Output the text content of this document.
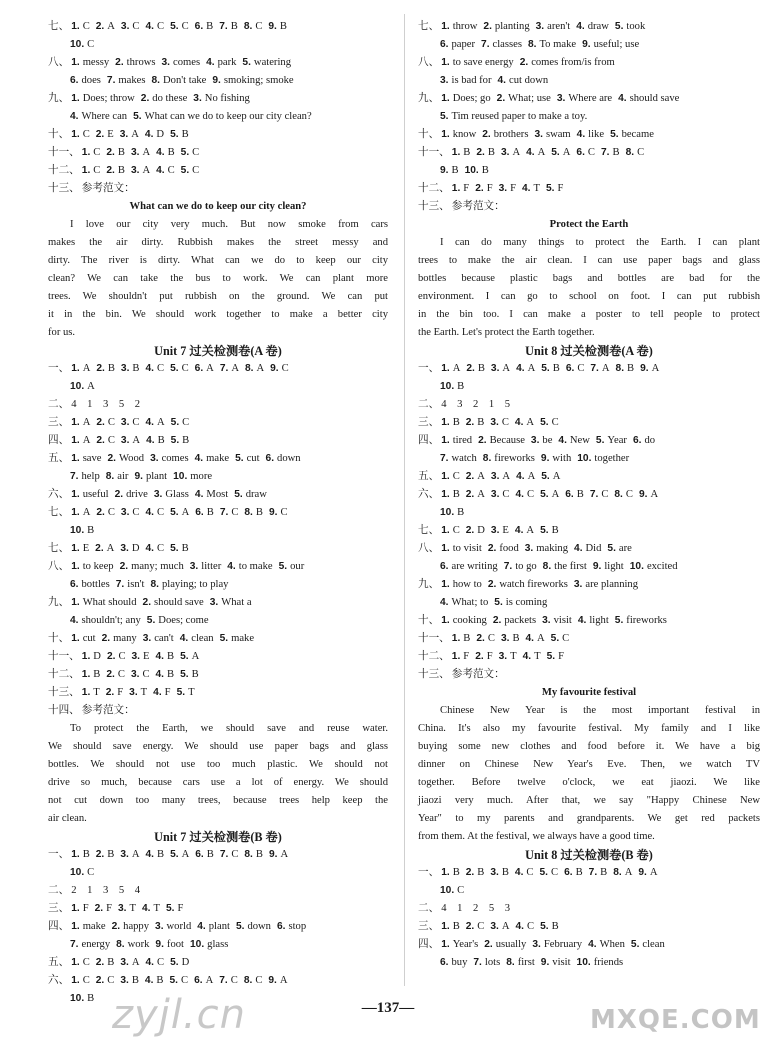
七、 1. C 2. A 3. C 4. C 5. C 6. B 7. B 8. C 9. B
10. C
八、 1. messy 2. throws 3. comes 4. park 5. watering
6. does 7. makes 8. Don't take 9. smoking; smoke
九、 1. Does; throw 2. do these 3. No fishing
4. Where can 5. What can we do to keep our city clean?
十、 1. C 2. E 3. A 4. D 5. B
十一、 1. C 2. B 3. A 4. B 5. C
十二、 1. C 2. B 3. A 4. C 5. C
十三、 参考范文：
What can we do to keep our city clean?
I love our city very much. But now smoke from cars
makes the air dirty. Rubbish makes the street messy and
dirty. The river is dirty. What can we do to keep our city
clean? We can take the bus to work. We can plant more
trees. We shouldn't put rubbish on the ground. We can put
it in the bin. We should work together to make a better city
for us.
Unit 7 过关检测卷(A 卷)
一、 1. A 2. B 3. B 4. C 5. C 6. A 7. A 8. A 9. C
10. A
二、 4　1　3　5　2
三、 1. A 2. C 3. C 4. A 5. C
四、 1. A 2. C 3. A 4. B 5. B
五、 1. save 2. Wood 3. comes 4. make 5. cut 6. down
7. help 8. air 9. plant 10. more
六、 1. useful 2. drive 3. Glass 4. Most 5. draw
七、 1. A 2. C 3. C 4. C 5. A 6. B 7. C 8. B 9. C
10. B
七、 1. E 2. A 3. D 4. C 5. B
八、 1. to keep 2. many; much 3. litter 4. to make 5. our
6. bottles 7. isn't 8. playing; to play
九、 1. What should 2. should save 3. What a
4. shouldn't; any 5. Does; come
十、 1. cut 2. many 3. can't 4. clean 5. make
十一、 1. D 2. C 3. E 4. B 5. A
十二、 1. B 2. C 3. C 4. B 5. B
十三、 1. T 2. F 3. T 4. F 5. T
十四、 参考范文：
To protect the Earth, we should save and reuse water.
We should save energy. We should use paper bags and glass
bottles. We should not use too much plastic. We should not
drive so much, because cars use a lot of energy. We should
not cut down too many trees, because trees help keep the
air clean.
Unit 7 过关检测卷(B 卷)
一、 1. B 2. B 3. A 4. B 5. A 6. B 7. C 8. B 9. A
10. C
二、 2　1　3　5　4
三、 1. F 2. F 3. T 4. T 5. F
四、 1. make 2. happy 3. world 4. plant 5. down 6. stop
7. energy 8. work 9. foot 10. glass
五、 1. C 2. B 3. A 4. C 5. D
六、 1. C 2. C 3. B 4. B 5. C 6. A 7. C 8. C 9. A
10. B
七、 1. throw 2. planting 3. aren't 4. draw 5. took
6. paper 7. classes 8. To make 9. useful; use
八、 1. to save energy 2. comes from/is from
3. is bad for 4. cut down
九、 1. Does; go 2. What; use 3. Where are 4. should save
5. Tim reused paper to make a toy.
十、 1. know 2. brothers 3. swam 4. like 5. became
十一、 1. B 2. B 3. A 4. A 5. A 6. C 7. B 8. C
9. B 10. B
十二、 1. F 2. F 3. F 4. T 5. F
十三、 参考范文：
Protect the Earth
I can do many things to protect the Earth. I can plant
trees to make the air clean. I can use paper bags and glass
bottles because plastic bags and bottles are bad for the
environment. I can go to school on foot. I can put rubbish
in the bin too. I can make a poster to tell people to protect
the Earth. Let's protect the Earth together.
Unit 8 过关检测卷(A 卷)
一、 1. A 2. B 3. A 4. A 5. B 6. C 7. A 8. B 9. A
10. B
二、 4　3　2　1　5
三、 1. B 2. B 3. C 4. A 5. C
四、 1. tired 2. Because 3. be 4. New 5. Year 6. do
7. watch 8. fireworks 9. with 10. together
五、 1. C 2. A 3. A 4. A 5. A
六、 1. B 2. A 3. C 4. C 5. A 6. B 7. C 8. C 9. A
10. B
七、 1. C 2. D 3. E 4. A 5. B
八、 1. to visit 2. food 3. making 4. Did 5. are
6. are writing 7. to go 8. the first 9. light 10. excited
九、 1. how to 2. watch fireworks 3. are planning
4. What; to 5. is coming
十、 1. cooking 2. packets 3. visit 4. light 5. fireworks
十一、 1. B 2. C 3. B 4. A 5. C
十二、 1. F 2. F 3. T 4. T 5. F
十三、 参考范文：
My favourite festival
Chinese New Year is the most important festival in
China. It's also my favourite festival. My family and I like
buying some new clothes and food before it. We have a big
dinner on Chinese New Year's Eve. Then, we watch TV
together. Before twelve o'clock, we eat jiaozi. We like
jiaozi very much. After that, we say "Happy Chinese New
Year" to my parents and grandparents. We get red packets
from them. At the festival, we always have a good time.
Unit 8 过关检测卷(B 卷)
一、 1. B 2. B 3. B 4. C 5. C 6. B 7. B 8. A 9. A
10. C
二、 4　1　2　5　3
三、 1. B 2. C 3. A 4. C 5. B
四、 1. Year's 2. usually 3. February 4. When 5. clean
6. buy 7. lots 8. first 9. visit 10. friends
zyjl.cn	—137—	MXQE.COM
